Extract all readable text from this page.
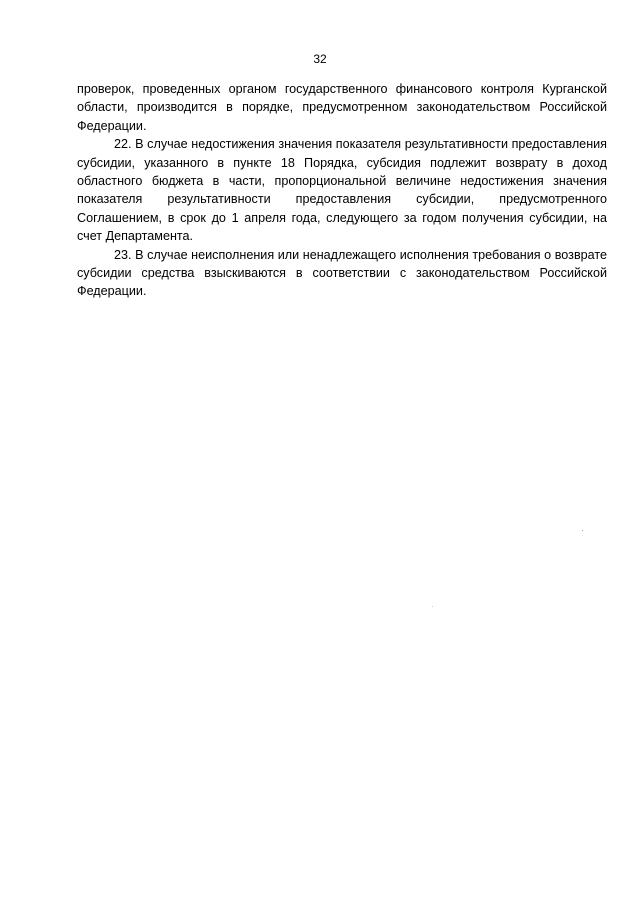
32

проверок, проведенных органом государственного финансового контроля Курганской области, производится в порядке, предусмотренном законодательством Российской Федерации.

22. В случае недостижения значения показателя результативности предоставления субсидии, указанного в пункте 18 Порядка, субсидия подлежит возврату в доход областного бюджета в части, пропорциональной величине недостижения значения показателя результативности предоставления субсидии, предусмотренного Соглашением, в срок до 1 апреля года, следующего за годом получения субсидии, на счет Департамента.

23. В случае неисполнения или ненадлежащего исполнения требования о возврате субсидии средства взыскиваются в соответствии с законодательством Российской Федерации.
